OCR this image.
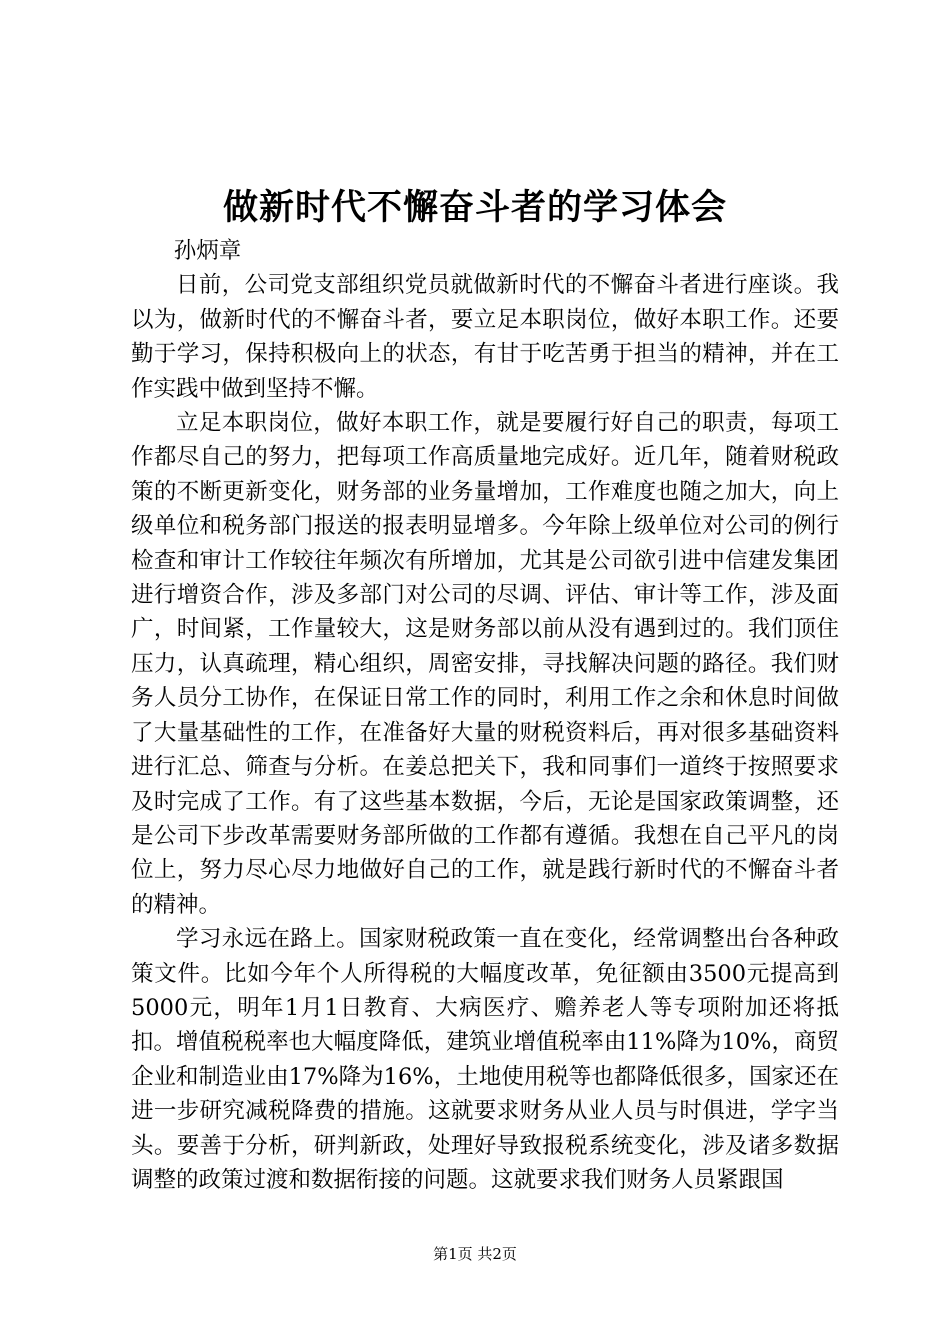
做新时代不懈奋斗者的学习体会
孙炳章

日前，公司党支部组织党员就做新时代的不懈奋斗者进行座谈。我以为，做新时代的不懈奋斗者，要立足本职岗位，做好本职工作。还要勤于学习，保持积极向上的状态，有甘于吃苦勇于担当的精神，并在工作实践中做到坚持不懈。

立足本职岗位，做好本职工作，就是要履行好自己的职责，每项工作都尽自己的努力，把每项工作高质量地完成好。近几年，随着财税政策的不断更新变化，财务部的业务量增加，工作难度也随之加大，向上级单位和税务部门报送的报表明显增多。今年除上级单位对公司的例行检查和审计工作较往年频次有所增加，尤其是公司欲引进中信建发集团进行增资合作，涉及多部门对公司的尽调、评估、审计等工作，涉及面广，时间紧，工作量较大，这是财务部以前从没有遇到过的。我们顶住压力，认真疏理，精心组织，周密安排，寻找解决问题的路径。我们财务人员分工协作，在保证日常工作的同时，利用工作之余和休息时间做了大量基础性的工作，在准备好大量的财税资料后，再对很多基础资料进行汇总、筛查与分析。在姜总把关下，我和同事们一道终于按照要求及时完成了工作。有了这些基本数据，今后，无论是国家政策调整，还是公司下步改革需要财务部所做的工作都有遵循。我想在自己平凡的岗位上，努力尽心尽力地做好自己的工作，就是践行新时代的不懈奋斗者的精神。

学习永远在路上。国家财税政策一直在变化，经常调整出台各种政策文件。比如今年个人所得税的大幅度改革，免征额由3500元提高到5000元，明年1月1日教育、大病医疗、赡养老人等专项附加还将抵扣。增值税税率也大幅度降低，建筑业增值税率由11%降为10%，商贸企业和制造业由17%降为16%，土地使用税等也都降低很多，国家还在进一步研究减税降费的措施。这就要求财务从业人员与时俱进，学字当头。要善于分析，研判新政，处理好导致报税系统变化，涉及诸多数据调整的政策过渡和数据衔接的问题。这就要求我们财务人员紧跟国

第1页 共2页
